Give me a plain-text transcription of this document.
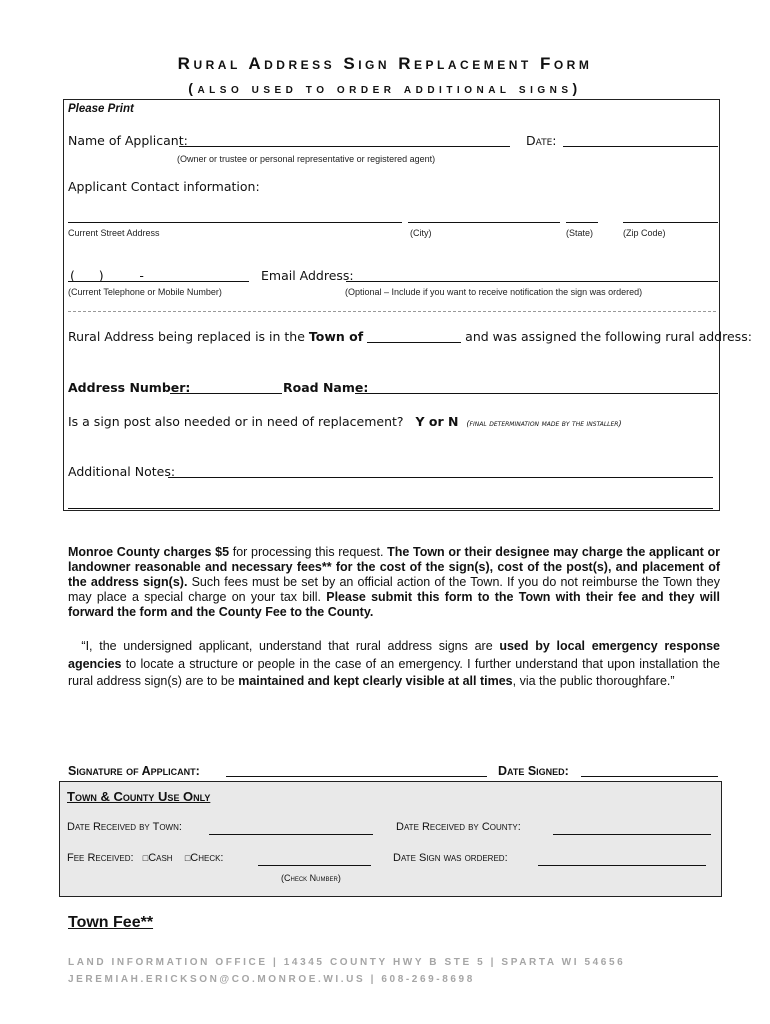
Rural Address Sign Replacement Form
(also used to order additional signs)
Please Print
Name of Applicant:	Date:
(Owner or trustee or personal representative or registered agent)
Applicant Contact information:
Current Street Address	(City)	(State)	(Zip Code)
(      )         -	Email Address:
(Current Telephone or Mobile Number)	(Optional – Include if you want to receive notification the sign was ordered)
Rural Address being replaced is in the Town of	and was assigned the following rural address:
Address Number:	Road Name:
Is a sign post also needed or in need of replacement? Y or N (final determination made by the installer)
Additional Notes:
Monroe County charges $5 for processing this request. The Town or their designee may charge the applicant or landowner reasonable and necessary fees** for the cost of the sign(s), cost of the post(s), and placement of the address sign(s). Such fees must be set by an official action of the Town. If you do not reimburse the Town they may place a special charge on your tax bill. Please submit this form to the Town with their fee and they will forward the form and the County Fee to the County.
“I, the undersigned applicant, understand that rural address signs are used by local emergency response agencies to locate a structure or people in the case of an emergency. I further understand that upon installation the rural address sign(s) are to be maintained and kept clearly visible at all times, via the public thoroughfare.”
Signature of Applicant:	Date Signed:
Town & County Use Only
Date Received by Town:	Date Received by County:
Fee Received: □Cash □Check:	Date Sign was ordered:
(Check Number)
Town Fee**
LAND INFORMATION OFFICE | 14345 COUNTY HWY B STE 5 | SPARTA WI 54656
JEREMIAH.ERICKSON@CO.MONROE.WI.US | 608-269-8698
